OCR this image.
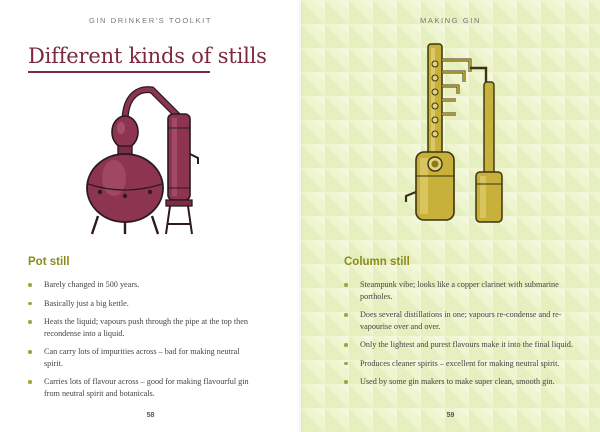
GIN DRINKER'S TOOLKIT
Different kinds of stills
Pot still
Barely changed in 500 years.
Basically just a big kettle.
Heats the liquid; vapours push through the pipe at the top then recondense into a liquid.
Can carry lots of impurities across – bad for making neutral spirit.
Carries lots of flavour across – good for making flavourful gin from neutral spirit and botanicals.
58
MAKING GIN
Column still
Steampunk vibe; looks like a copper clarinet with submarine portholes.
Does several distillations in one; vapours re-condense and re-vapourise over and over.
Only the lightest and purest flavours make it into the final liquid.
Produces cleaner spirits – excellent for making neutral spirit.
Used by some gin makers to make super clean, smooth gin.
59
